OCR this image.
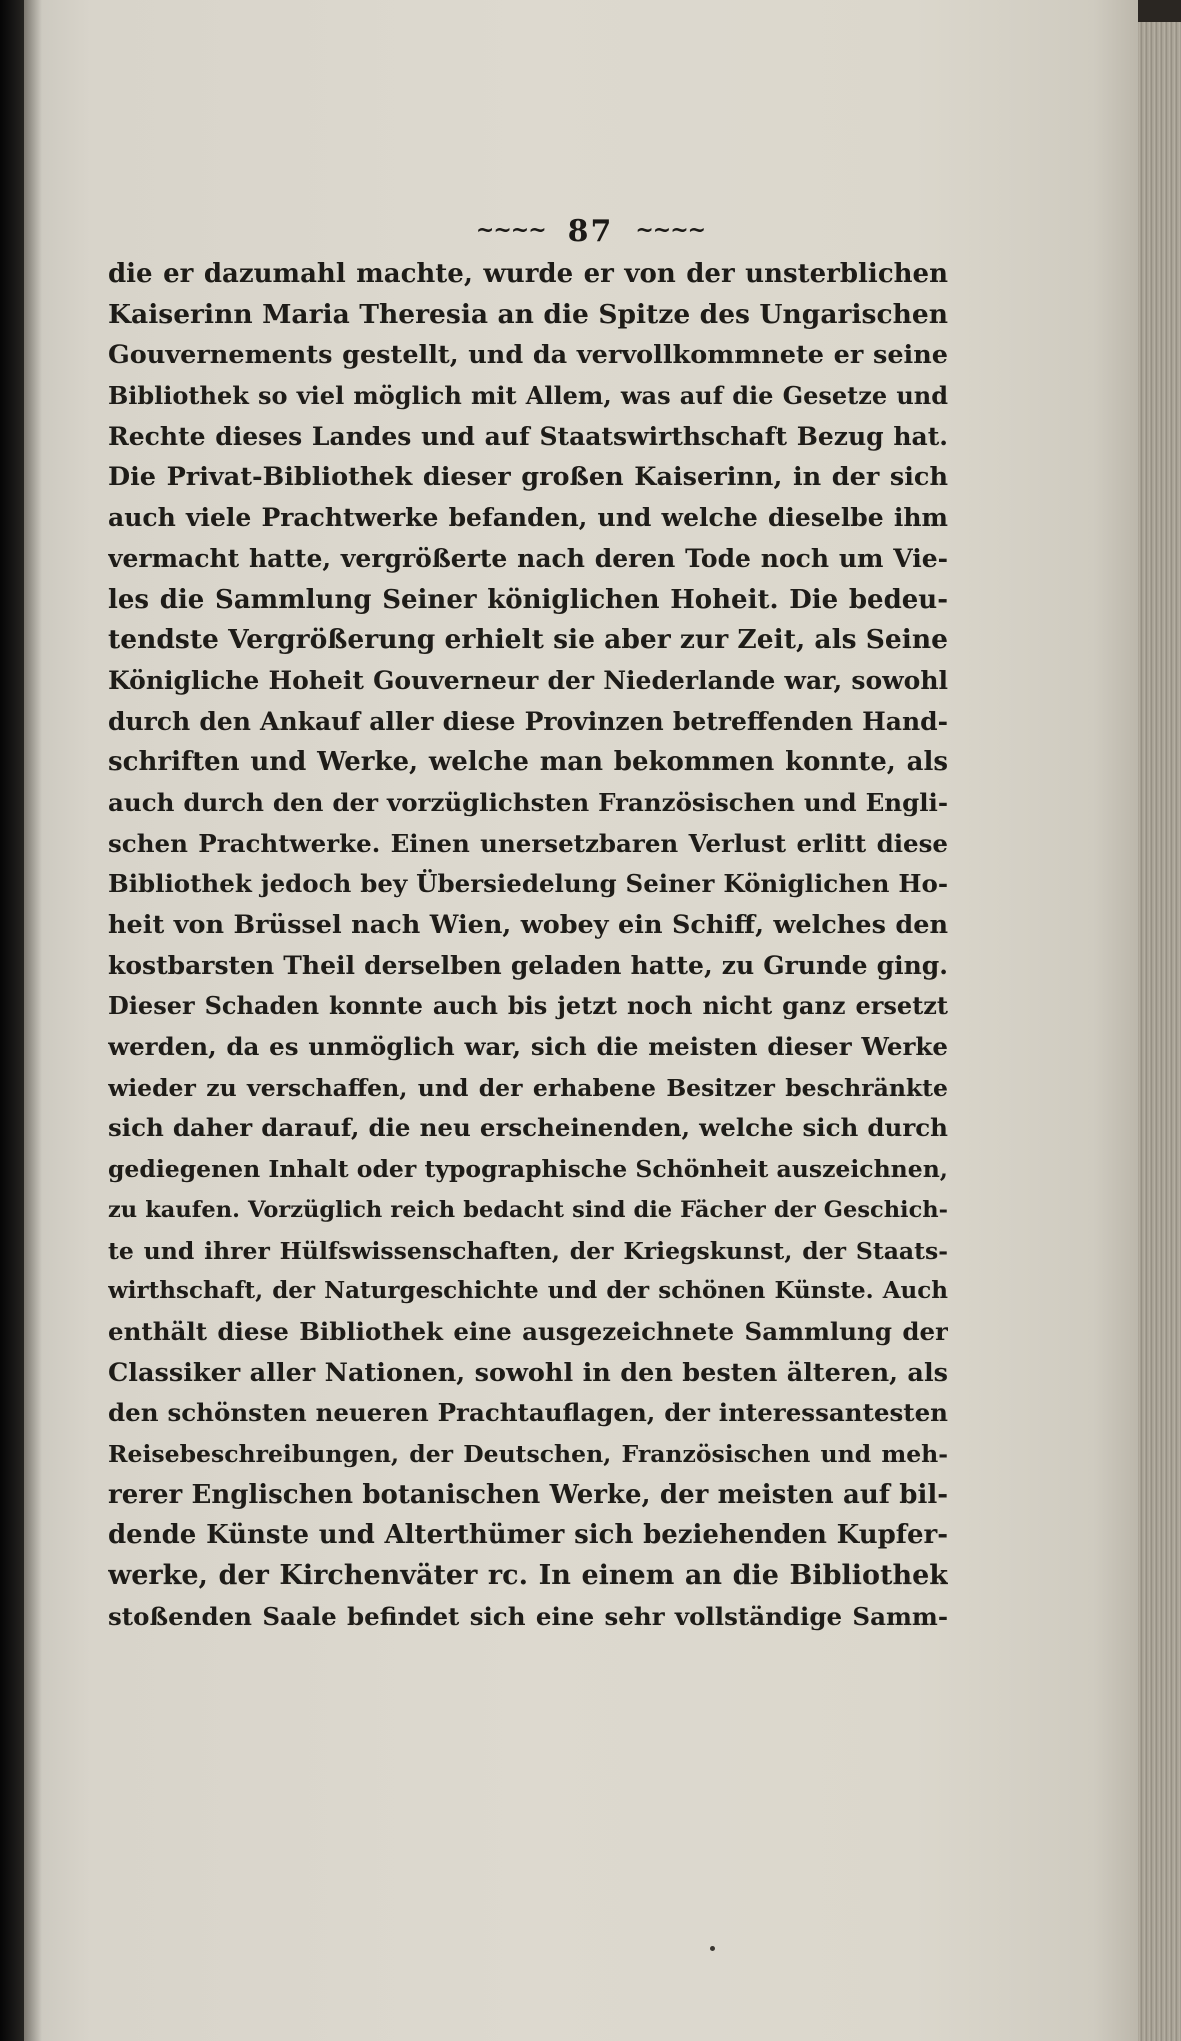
~~~~ 87 ~~~~
die er dazumahl machte, wurde er von der unsterblichen
Kaiserinn Maria Theresia an die Spitze des Ungarischen
Gouvernements gestellt, und da vervollkommnete er seine
Bibliothek so viel möglich mit Allem, was auf die Gesetze und
Rechte dieses Landes und auf Staatswirthschaft Bezug hat.
Die Privat-Bibliothek dieser großen Kaiserinn, in der sich
auch viele Prachtwerke befanden, und welche dieselbe ihm
vermacht hatte, vergrößerte nach deren Tode noch um Vie-
les die Sammlung Seiner königlichen Hoheit. Die bedeu-
tendste Vergrößerung erhielt sie aber zur Zeit, als Seine
Königliche Hoheit Gouverneur der Niederlande war, sowohl
durch den Ankauf aller diese Provinzen betreffenden Hand-
schriften und Werke, welche man bekommen konnte, als
auch durch den der vorzüglichsten Französischen und Engli-
schen Prachtwerke. Einen unersetzbaren Verlust erlitt diese
Bibliothek jedoch bey Übersiedelung Seiner Königlichen Ho-
heit von Brüssel nach Wien, wobey ein Schiff, welches den
kostbarsten Theil derselben geladen hatte, zu Grunde ging.
Dieser Schaden konnte auch bis jetzt noch nicht ganz ersetzt
werden, da es unmöglich war, sich die meisten dieser Werke
wieder zu verschaffen, und der erhabene Besitzer beschränkte
sich daher darauf, die neu erscheinenden, welche sich durch
gediegenen Inhalt oder typographische Schönheit auszeichnen,
zu kaufen. Vorzüglich reich bedacht sind die Fächer der Geschich-
te und ihrer Hülfswissenschaften, der Kriegskunst, der Staats-
wirthschaft, der Naturgeschichte und der schönen Künste. Auch
enthält diese Bibliothek eine ausgezeichnete Sammlung der
Classiker aller Nationen, sowohl in den besten älteren, als
den schönsten neueren Prachtauflagen, der interessantesten
Reisebeschreibungen, der Deutschen, Französischen und meh-
rerer Englischen botanischen Werke, der meisten auf bil-
dende Künste und Alterthümer sich beziehenden Kupfer-
werke, der Kirchenväter rc. In einem an die Bibliothek
stoßenden Saale befindet sich eine sehr vollständige Samm-
